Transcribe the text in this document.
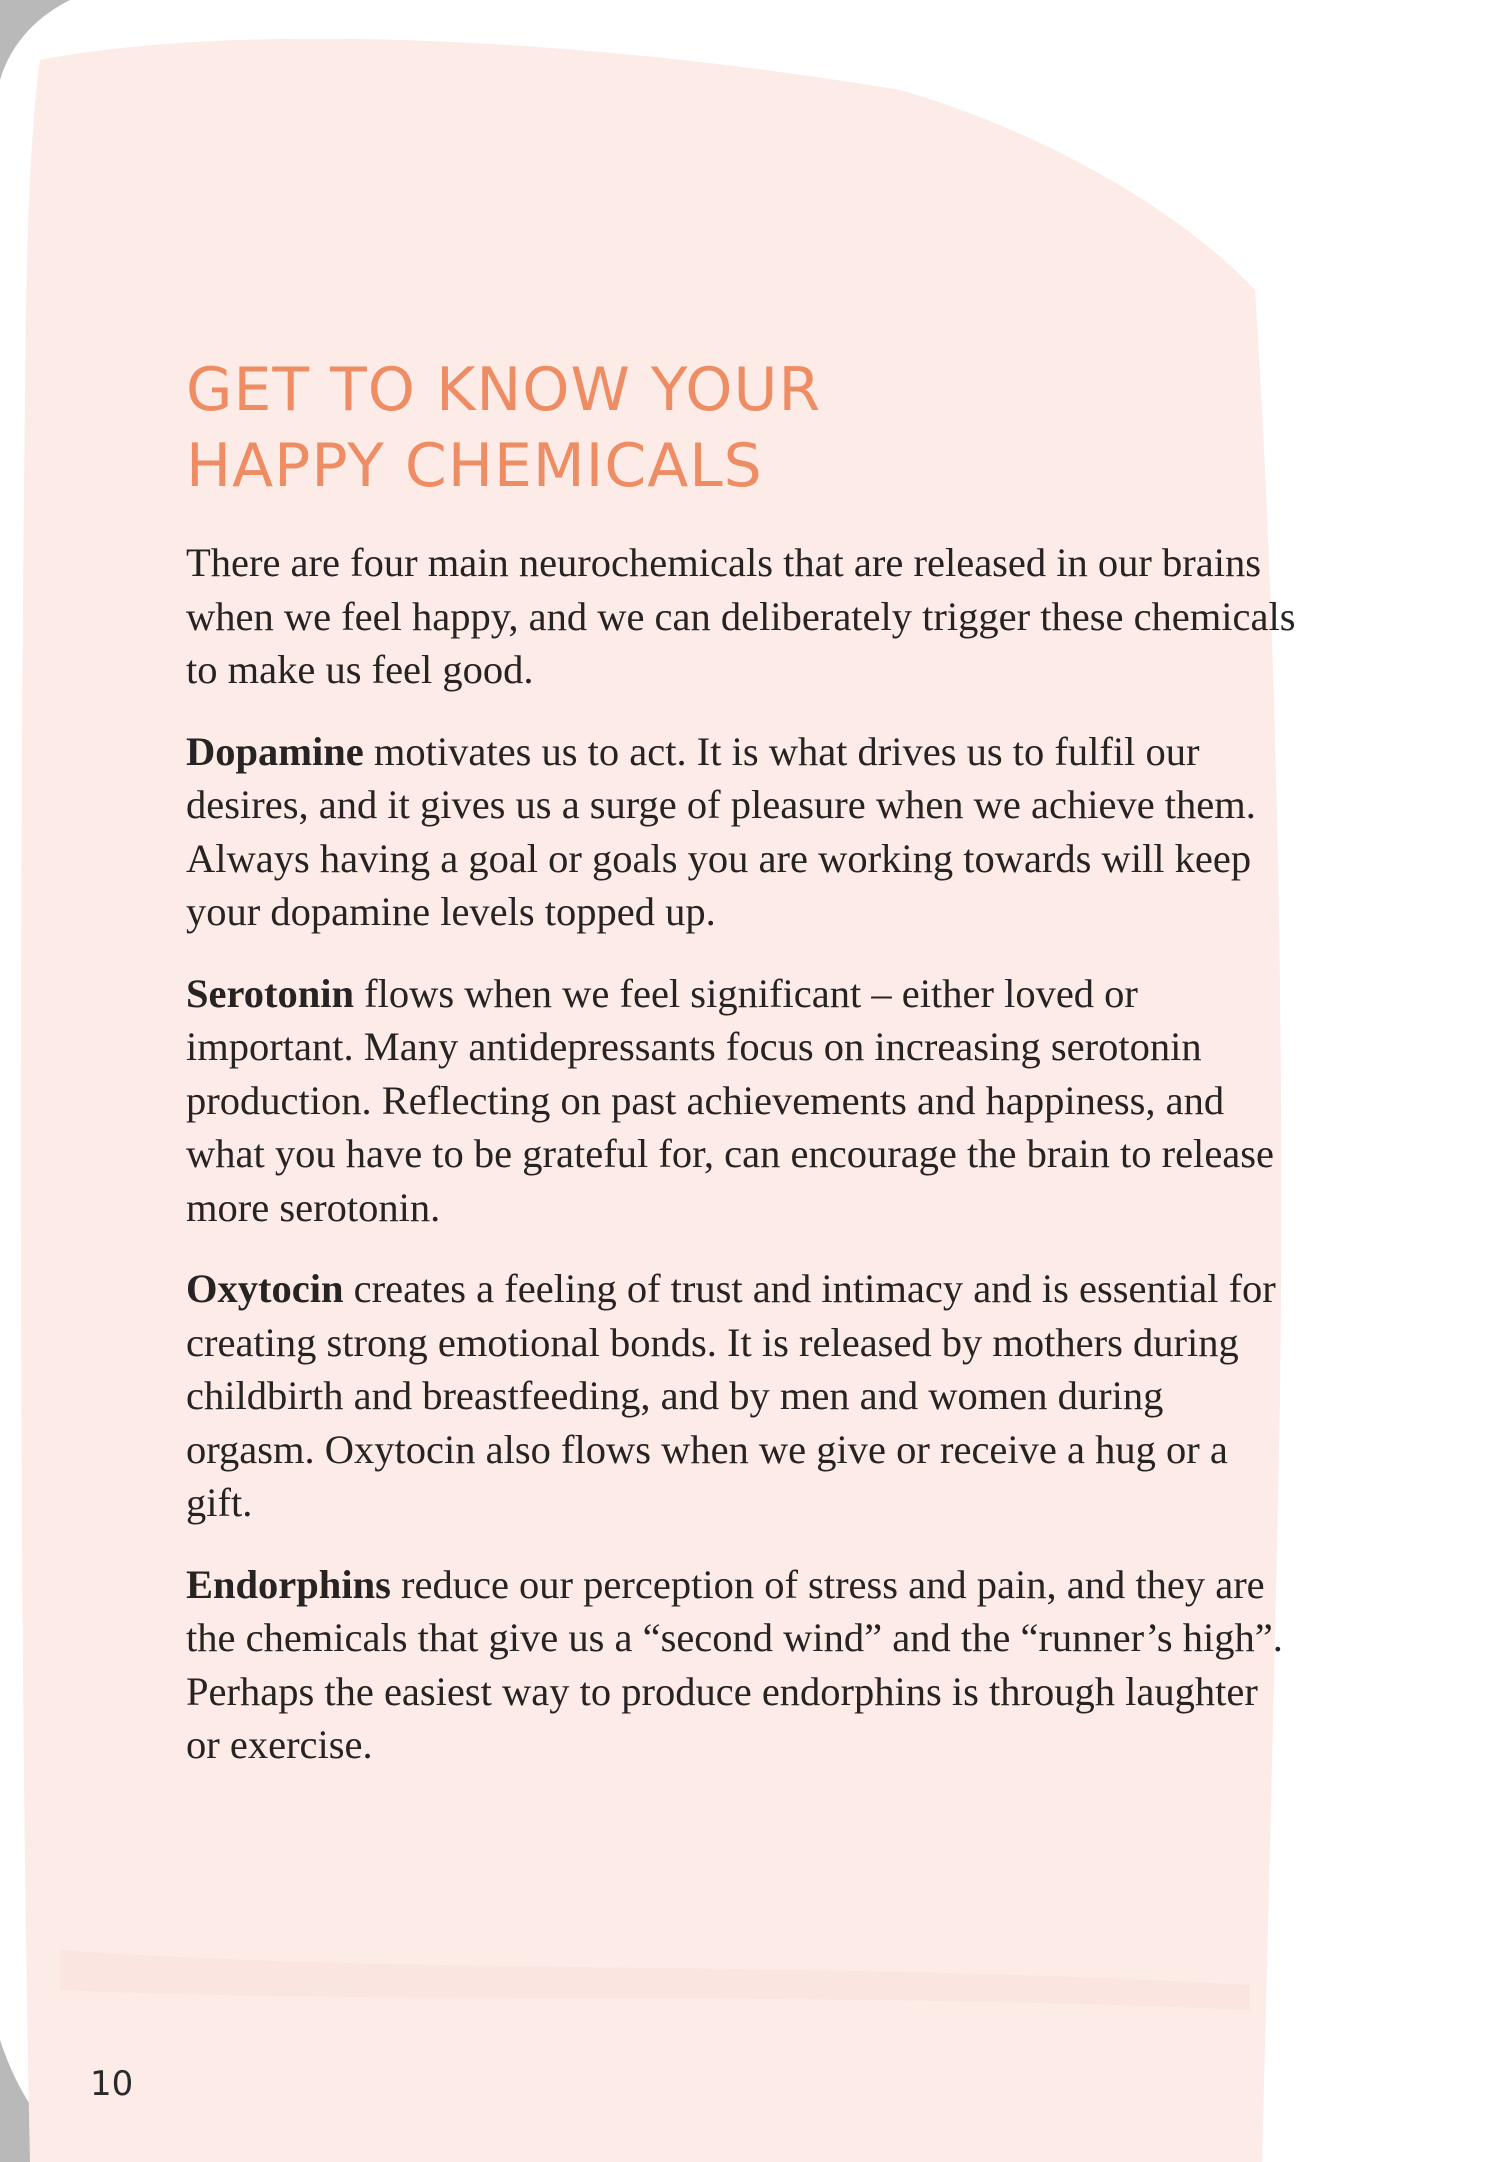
GET TO KNOW YOUR
HAPPY CHEMICALS

There are four main neurochemicals that are released in our brains when we feel happy, and we can deliberately trigger these chemicals to make us feel good.

Dopamine motivates us to act. It is what drives us to fulfil our desires, and it gives us a surge of pleasure when we achieve them. Always having a goal or goals you are working towards will keep your dopamine levels topped up.

Serotonin flows when we feel significant – either loved or important. Many antidepressants focus on increasing serotonin production. Reflecting on past achievements and happiness, and what you have to be grateful for, can encourage the brain to release more serotonin.

Oxytocin creates a feeling of trust and intimacy and is essential for creating strong emotional bonds. It is released by mothers during childbirth and breastfeeding, and by men and women during orgasm. Oxytocin also flows when we give or receive a hug or a gift.

Endorphins reduce our perception of stress and pain, and they are the chemicals that give us a “second wind” and the “runner’s high”. Perhaps the easiest way to produce endorphins is through laughter or exercise.

10
